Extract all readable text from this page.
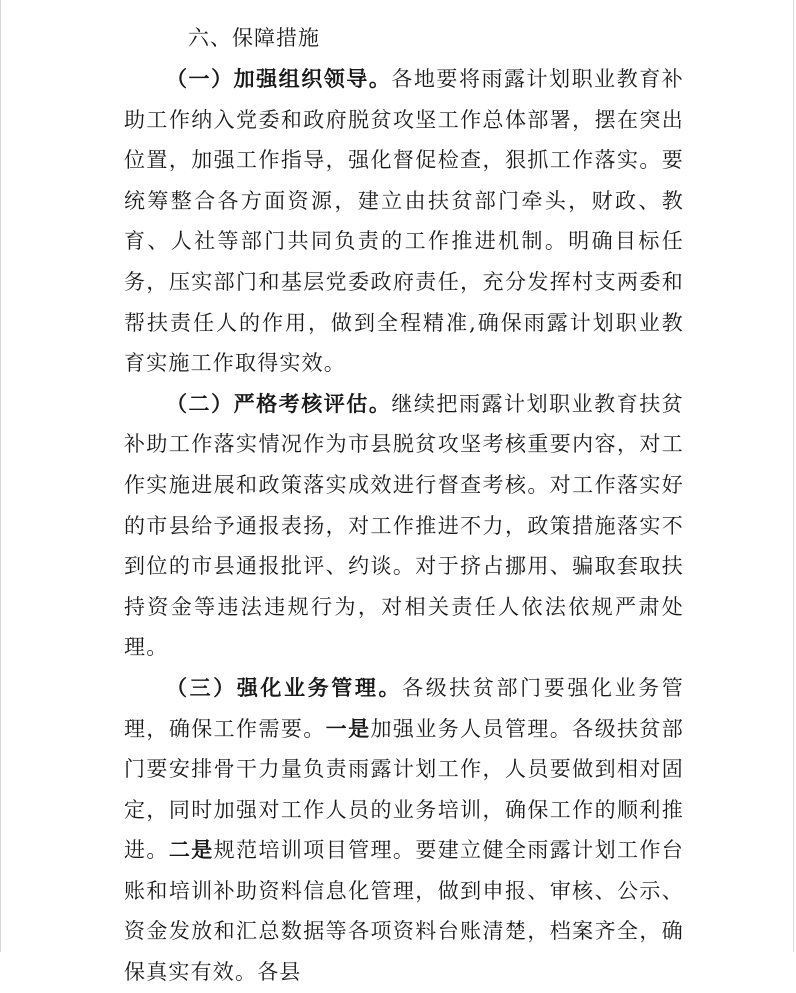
六、保障措施

（一）加强组织领导。各地要将雨露计划职业教育补助工作纳入党委和政府脱贫攻坚工作总体部署，摆在突出位置，加强工作指导，强化督促检查，狠抓工作落实。要统筹整合各方面资源，建立由扶贫部门牵头，财政、教育、人社等部门共同负责的工作推进机制。明确目标任务，压实部门和基层党委政府责任，充分发挥村支两委和帮扶责任人的作用，做到全程精准,确保雨露计划职业教育实施工作取得实效。

（二）严格考核评估。继续把雨露计划职业教育扶贫补助工作落实情况作为市县脱贫攻坚考核重要内容，对工作实施进展和政策落实成效进行督查考核。对工作落实好的市县给予通报表扬，对工作推进不力，政策措施落实不到位的市县通报批评、约谈。对于挤占挪用、骗取套取扶持资金等违法违规行为，对相关责任人依法依规严肃处理。

（三）强化业务管理。各级扶贫部门要强化业务管理，确保工作需要。一是加强业务人员管理。各级扶贫部门要安排骨干力量负责雨露计划工作，人员要做到相对固定，同时加强对工作人员的业务培训，确保工作的顺利推进。二是规范培训项目管理。要建立健全雨露计划工作台账和培训补助资料信息化管理，做到申报、审核、公示、资金发放和汇总数据等各项资料台账清楚，档案齐全，确保真实有效。各县
